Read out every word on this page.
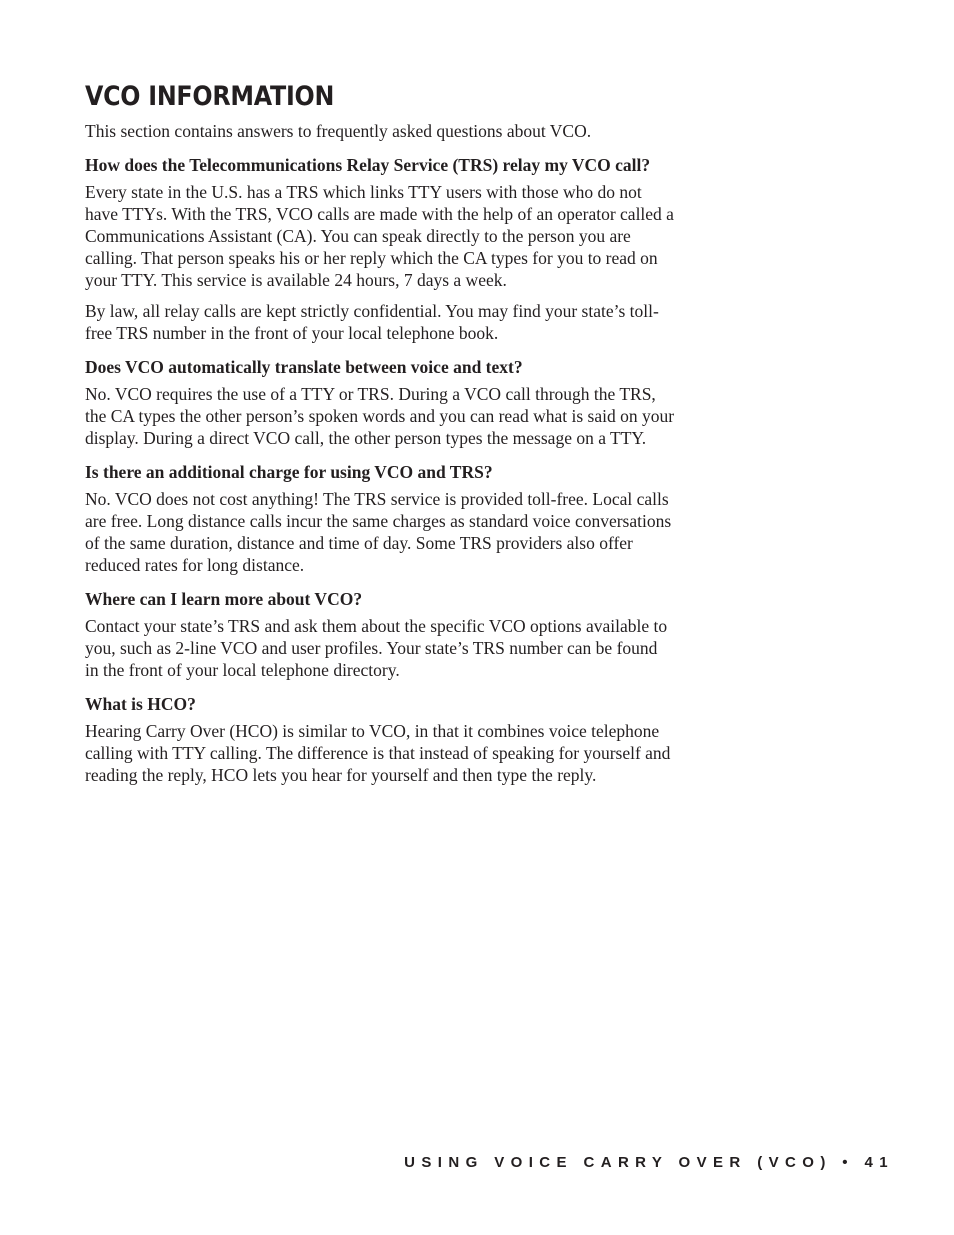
VCO INFORMATION

This section contains answers to frequently asked questions about VCO.

How does the Telecommunications Relay Service (TRS) relay my VCO call?

Every state in the U.S. has a TRS which links TTY users with those who do not have TTYs. With the TRS, VCO calls are made with the help of an operator called a Communications Assistant (CA). You can speak directly to the person you are calling. That person speaks his or her reply which the CA types for you to read on your TTY. This service is available 24 hours, 7 days a week.

By law, all relay calls are kept strictly confidential. You may find your state’s toll-free TRS number in the front of your local telephone book.

Does VCO automatically translate between voice and text?

No. VCO requires the use of a TTY or TRS. During a VCO call through the TRS, the CA types the other person’s spoken words and you can read what is said on your display. During a direct VCO call, the other person types the message on a TTY.

Is there an additional charge for using VCO and TRS?

No. VCO does not cost anything! The TRS service is provided toll-free. Local calls are free. Long distance calls incur the same charges as standard voice conversations of the same duration, distance and time of day. Some TRS providers also offer reduced rates for long distance.

Where can I learn more about VCO?

Contact your state’s TRS and ask them about the specific VCO options available to you, such as 2-line VCO and user profiles. Your state’s TRS number can be found in the front of your local telephone directory.

What is HCO?

Hearing Carry Over (HCO) is similar to VCO, in that it combines voice telephone calling with TTY calling. The difference is that instead of speaking for yourself and reading the reply, HCO lets you hear for yourself and then type the reply.

USING VOICE CARRY OVER (VCO) • 41
